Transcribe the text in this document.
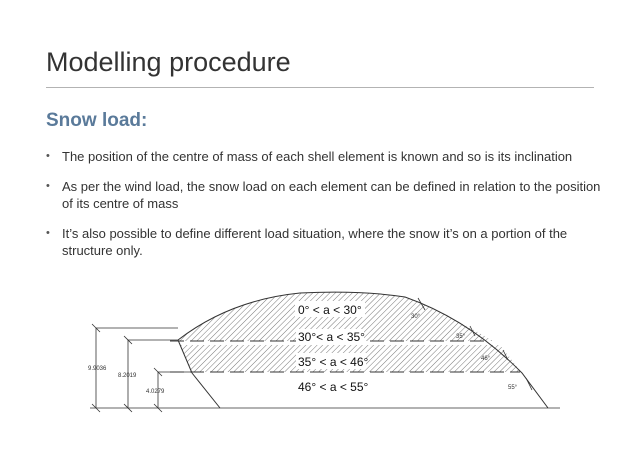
Modelling procedure
Snow load:
• The position of the centre of mass of each shell element is known and so is its inclination
• As per the wind load, the snow load on each element can be defined in relation to the position of its centre of mass
• It’s also possible to define different load situation, where the snow it’s on a portion of the structure only.
0° < a < 30°
30°< a < 35°
35° < a < 46°
46° < a < 55°
30°
35°
46°
55°
9.9036
8.2019
4.0279
